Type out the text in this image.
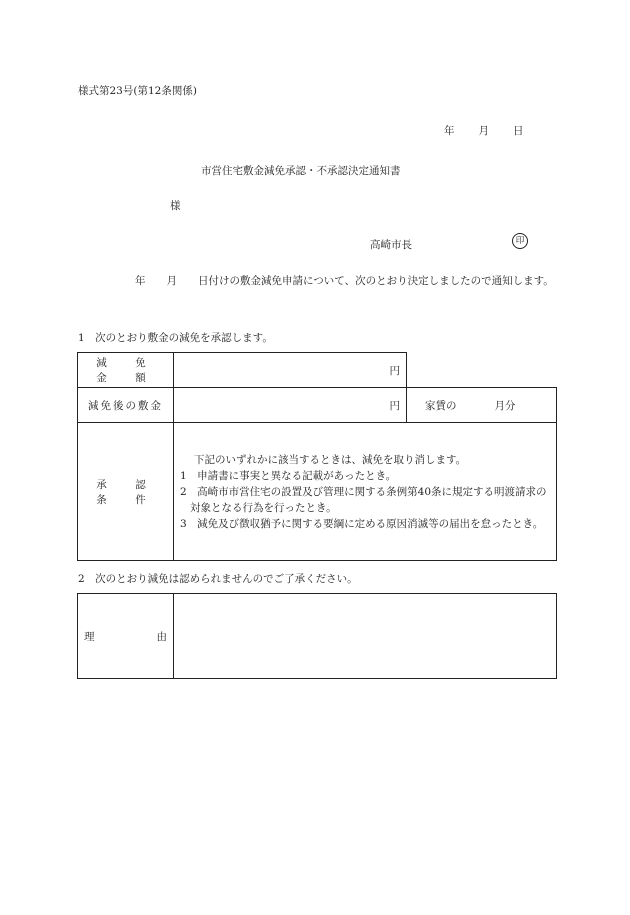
様式第23号(第12条関係)
年 月 日
市営住宅敷金減免承認・不承認決定通知書
様
高崎市長	印
年　　月　　日付けの敷金減免申請について、次のとおり決定しましたので通知します。
1　次のとおり敷金の減免を承認します。
減　免　金　額	円	
減免後の敷金	円	家賃の 月分
承　認　条　件	下記のいずれかに該当するときは、減免を取り消します。
1　申請書に事実と異なる記載があったとき。
2　高崎市市営住宅の設置及び管理に関する条例第40条に規定する明渡請求の対象となる行為を行ったとき。
3　減免及び徴収猶予に関する要綱に定める原因消滅等の届出を怠ったとき。	
2　次のとおり減免は認められませんのでご了承ください。
理	由
